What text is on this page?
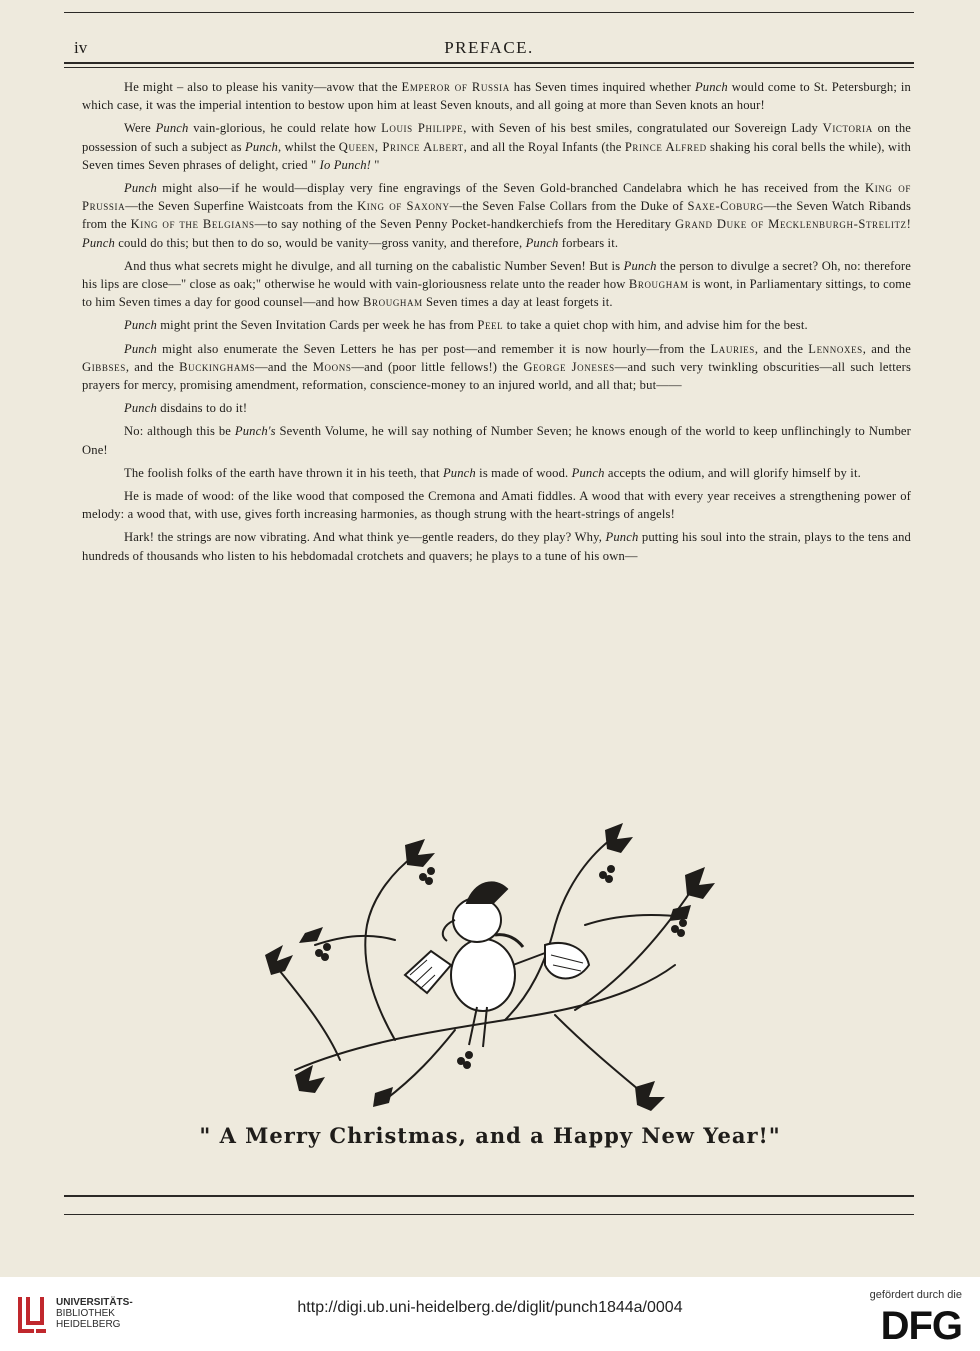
iv	PREFACE.

He might – also to please his vanity—avow that the Emperor of Russia has Seven times inquired whether Punch would come to St. Petersburgh; in which case, it was the imperial intention to bestow upon him at least Seven knouts, and all going at more than Seven knots an hour!

Were Punch vain-glorious, he could relate how Louis Philippe, with Seven of his best smiles, congratulated our Sovereign Lady Victoria on the possession of such a subject as Punch, whilst the Queen, Prince Albert, and all the Royal Infants (the Prince Alfred shaking his coral bells the while), with Seven times Seven phrases of delight, cried " Io Punch! "

Punch might also—if he would—display very fine engravings of the Seven Gold-branched Candelabra which he has received from the King of Prussia—the Seven Superfine Waistcoats from the King of Saxony—the Seven False Collars from the Duke of Saxe-Coburg—the Seven Watch Ribands from the King of the Belgians—to say nothing of the Seven Penny Pocket-handkerchiefs from the Hereditary Grand Duke of Mecklenburgh-Strelitz! Punch could do this; but then to do so, would be vanity—gross vanity, and therefore, Punch forbears it.

And thus what secrets might he divulge, and all turning on the cabalistic Number Seven! But is Punch the person to divulge a secret? Oh, no: therefore his lips are close—" close as oak;" otherwise he would with vain-gloriousness relate unto the reader how Brougham is wont, in Parliamentary sittings, to come to him Seven times a day for good counsel—and how Brougham Seven times a day at least forgets it.

Punch might print the Seven Invitation Cards per week he has from Peel to take a quiet chop with him, and advise him for the best.

Punch might also enumerate the Seven Letters he has per post—and remember it is now hourly—from the Lauries, and the Lennoxes, and the Gibbses, and the Buckinghams—and the Moons—and (poor little fellows!) the George Joneses—and such very twinkling obscurities—all such letters prayers for mercy, promising amendment, reformation, conscience-money to an injured world, and all that; but——

Punch disdains to do it!

No: although this be Punch's Seventh Volume, he will say nothing of Number Seven; he knows enough of the world to keep unflinchingly to Number One!

The foolish folks of the earth have thrown it in his teeth, that Punch is made of wood. Punch accepts the odium, and will glorify himself by it.

He is made of wood: of the like wood that composed the Cremona and Amati fiddles. A wood that with every year receives a strengthening power of melody: a wood that, with use, gives forth increasing harmonies, as though strung with the heart-strings of angels!

Hark! the strings are now vibrating. And what think ye—gentle readers, do they play? Why, Punch putting his soul into the strain, plays to the tens and hundreds of thousands who listen to his hebdomadal crotchets and quavers; he plays to a tune of his own—

" A Merry Christmas, and a Happy New Year!"
UNIVERSITÄTS-
BIBLIOTHEK
HEIDELBERG
http://digi.ub.uni-heidelberg.de/diglit/punch1844a/0004
gefördert durch die
DFG
